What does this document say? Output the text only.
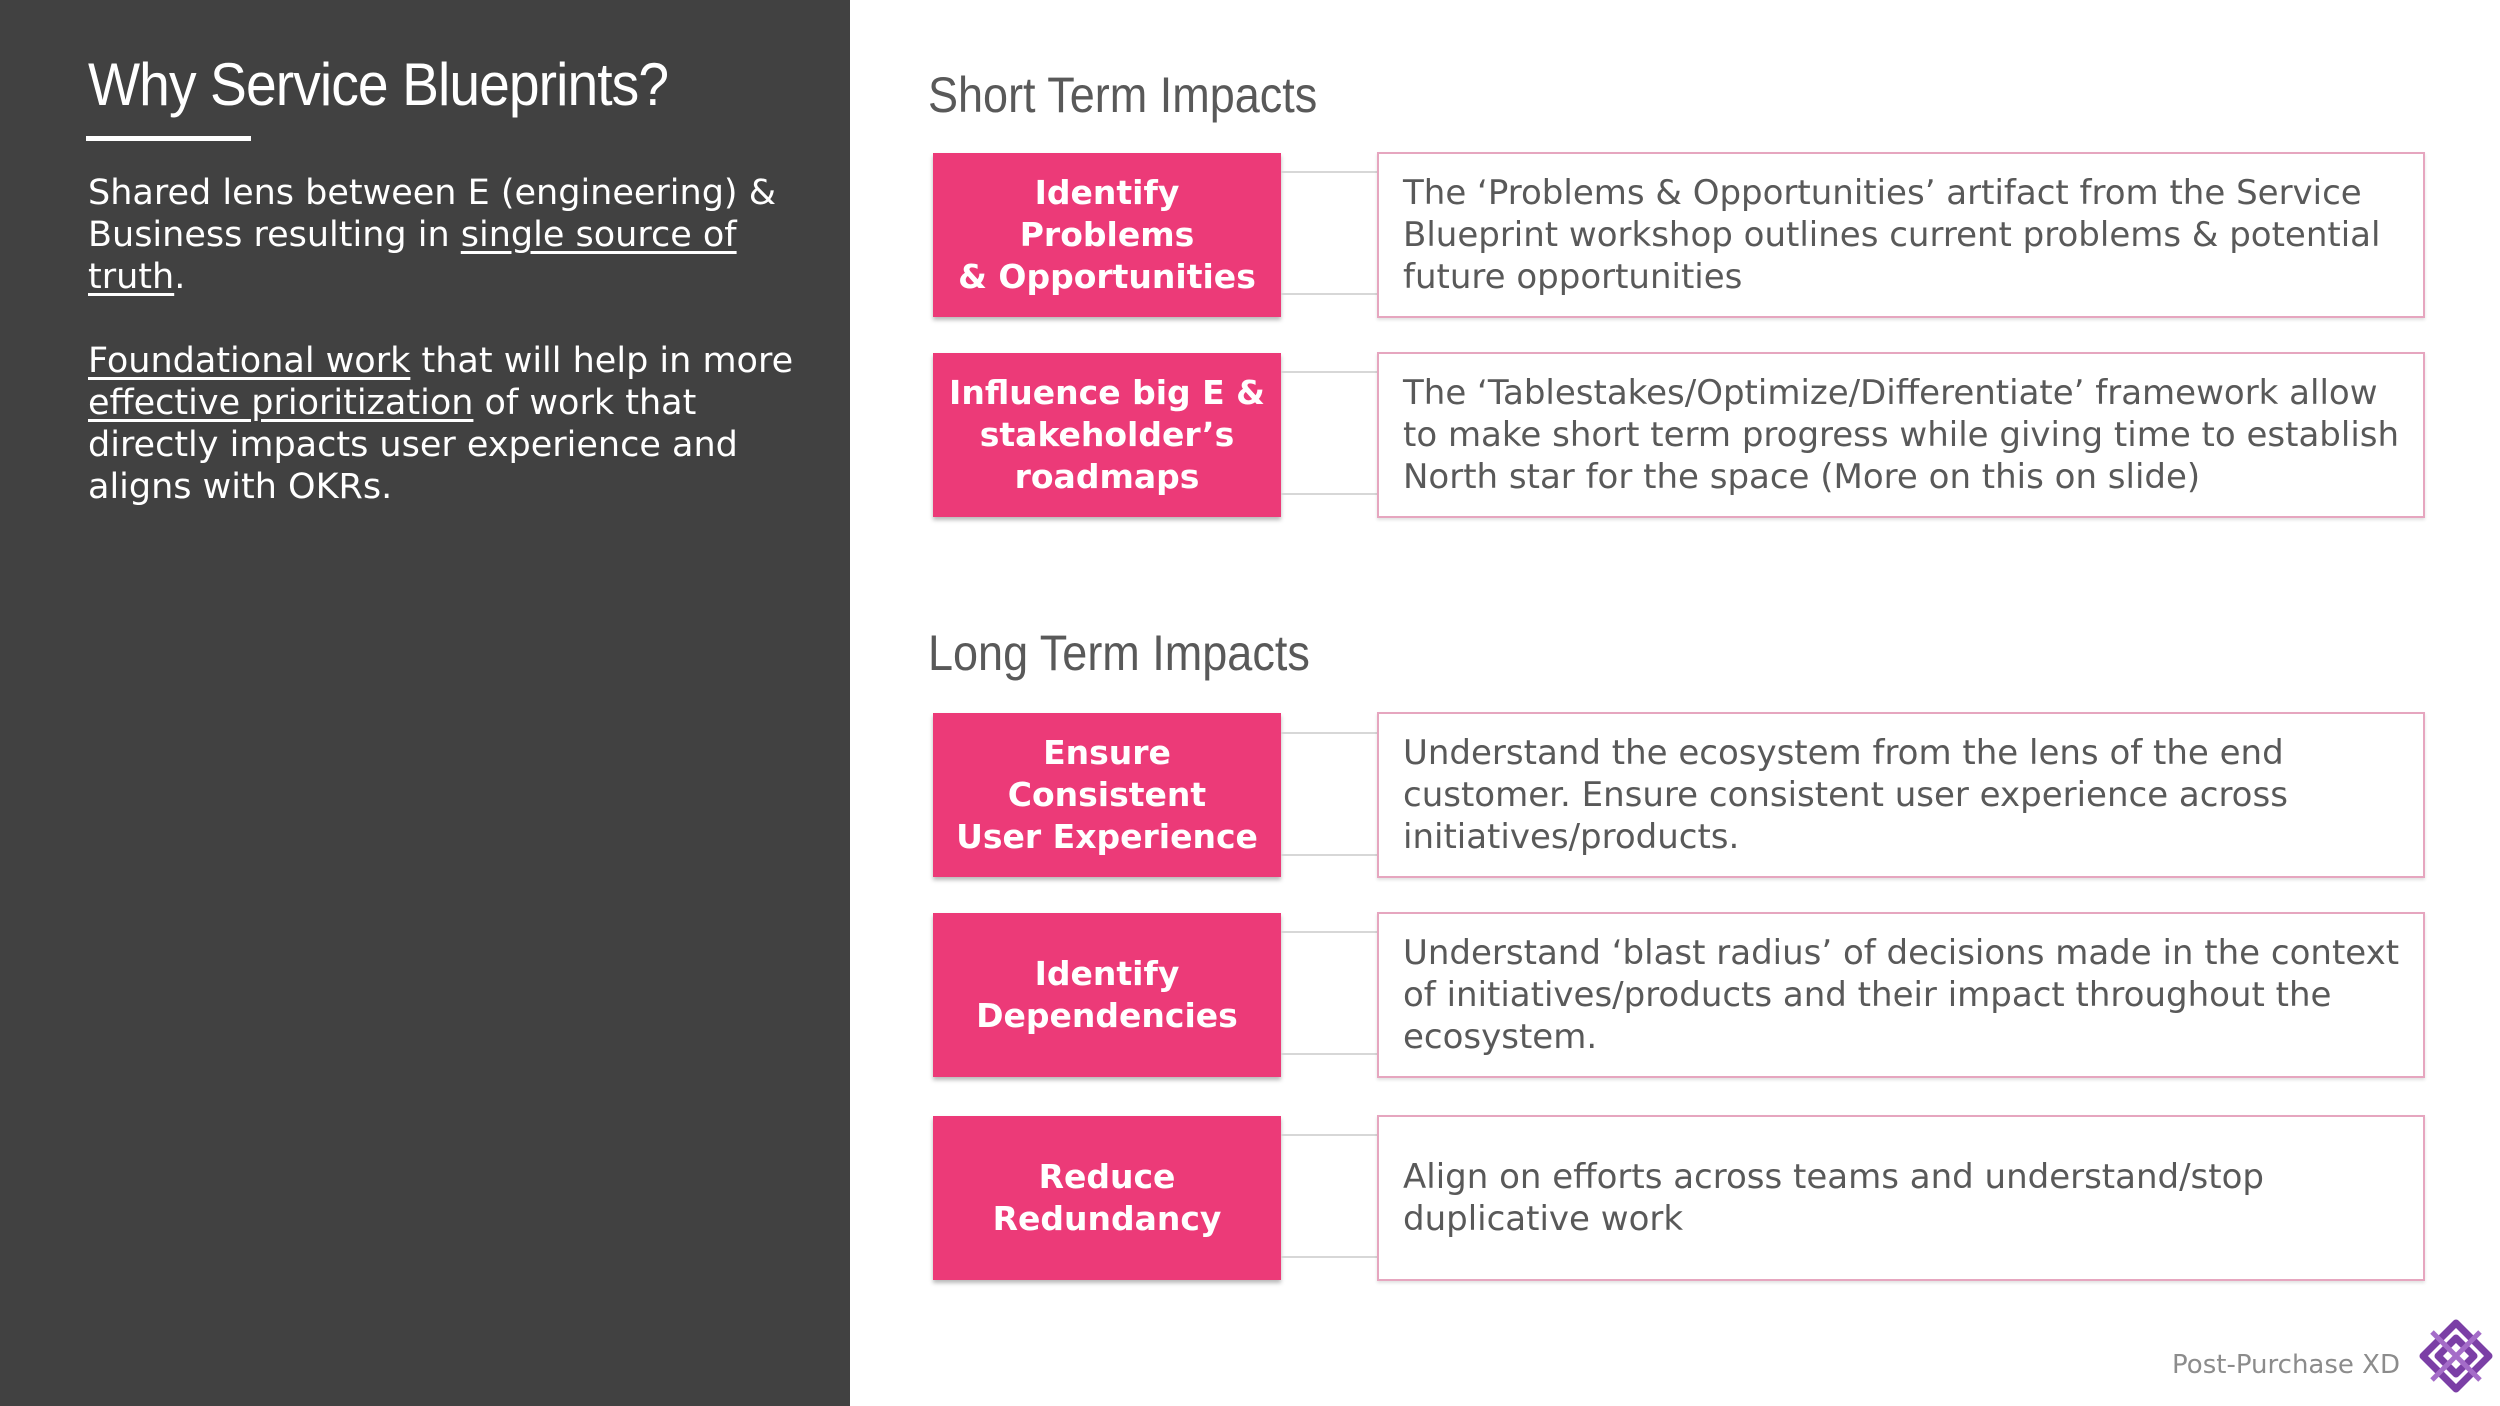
Why Service Blueprints?

Shared lens between E (engineering) & Business resulting in single source of truth.

Foundational work that will help in more effective prioritization of work that directly impacts user experience and aligns with OKRs.

Short Term Impacts
Identify Problems
& Opportunities
The ‘Problems & Opportunities’ artifact from the Service Blueprint workshop outlines current problems & potential future opportunities
Influence big E &
stakeholder’s
roadmaps
The ‘Tablestakes/Optimize/Differentiate’ framework allow to make short term progress while giving time to establish North star for the space (More on this on slide)
Long Term Impacts
Ensure
Consistent
User Experience
Understand the ecosystem from the lens of the end customer. Ensure consistent user experience across initiatives/products.
Identify
Dependencies
Understand ‘blast radius’ of decisions made in the context of initiatives/products and their impact throughout the ecosystem.
Reduce
Redundancy
Align on efforts across teams and understand/stop duplicative work
Post-Purchase XD
